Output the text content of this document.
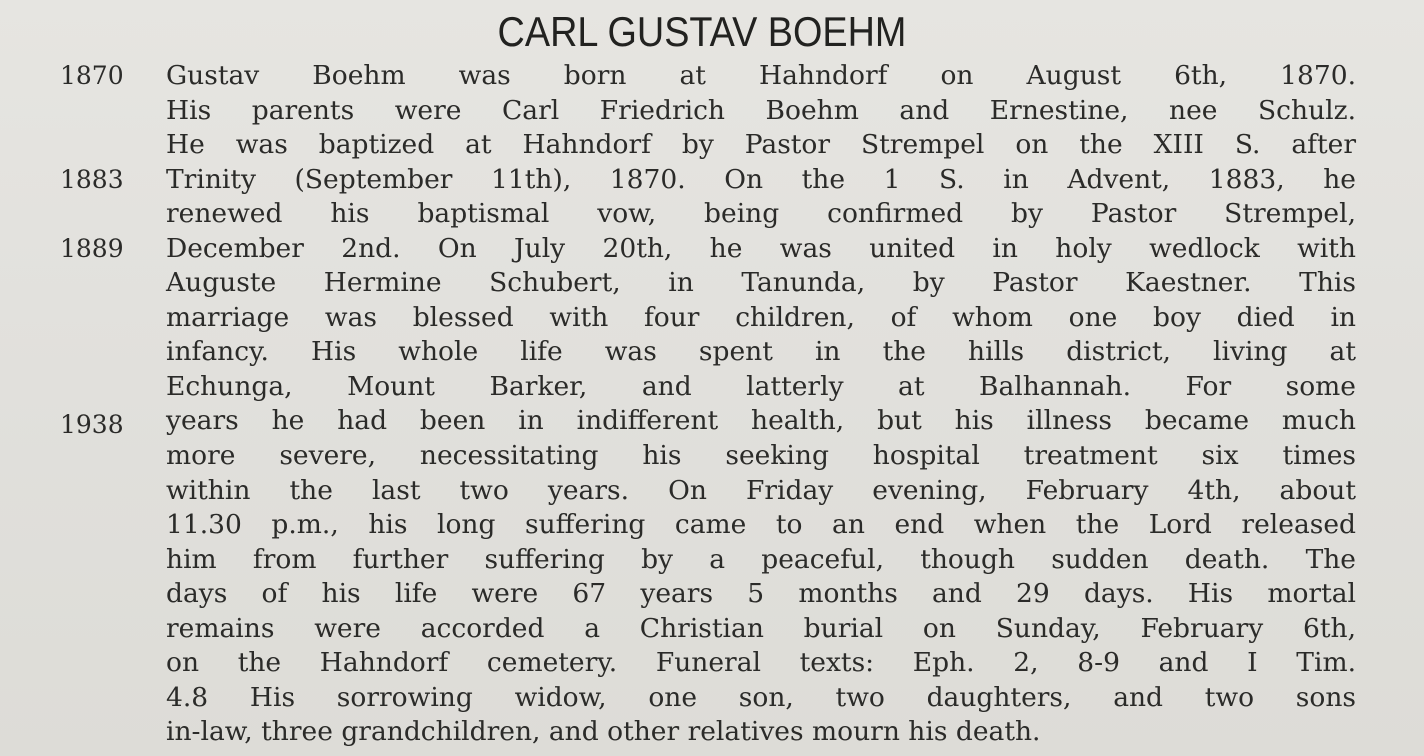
CARL GUSTAV BOEHM
1870
1883
1889
1938
Gustav Boehm was born at Hahndorf on August 6th, 1870.
His parents were Carl Friedrich Boehm and Ernestine, nee Schulz.
He was baptized at Hahndorf by Pastor Strempel on the XIII S. after
Trinity (September 11th), 1870. On the 1 S. in Advent, 1883, he
renewed his baptismal vow, being confirmed by Pastor Strempel,
December 2nd. On July 20th, he was united in holy wedlock with
Auguste Hermine Schubert, in Tanunda, by Pastor Kaestner. This
marriage was blessed with four children, of whom one boy died in
infancy. His whole life was spent in the hills district, living at
Echunga, Mount Barker, and latterly at Balhannah. For some
years he had been in indifferent health, but his illness became much
more severe, necessitating his seeking hospital treatment six times
within the last two years. On Friday evening, February 4th, about
11.30 p.m., his long suffering came to an end when the Lord released
him from further suffering by a peaceful, though sudden death. The
days of his life were 67 years 5 months and 29 days. His mortal
remains were accorded a Christian burial on Sunday, February 6th,
on the Hahndorf cemetery. Funeral texts: Eph. 2, 8-9 and I Tim.
4.8 His sorrowing widow, one son, two daughters, and two sons
in-law, three grandchildren, and other relatives mourn his death.
